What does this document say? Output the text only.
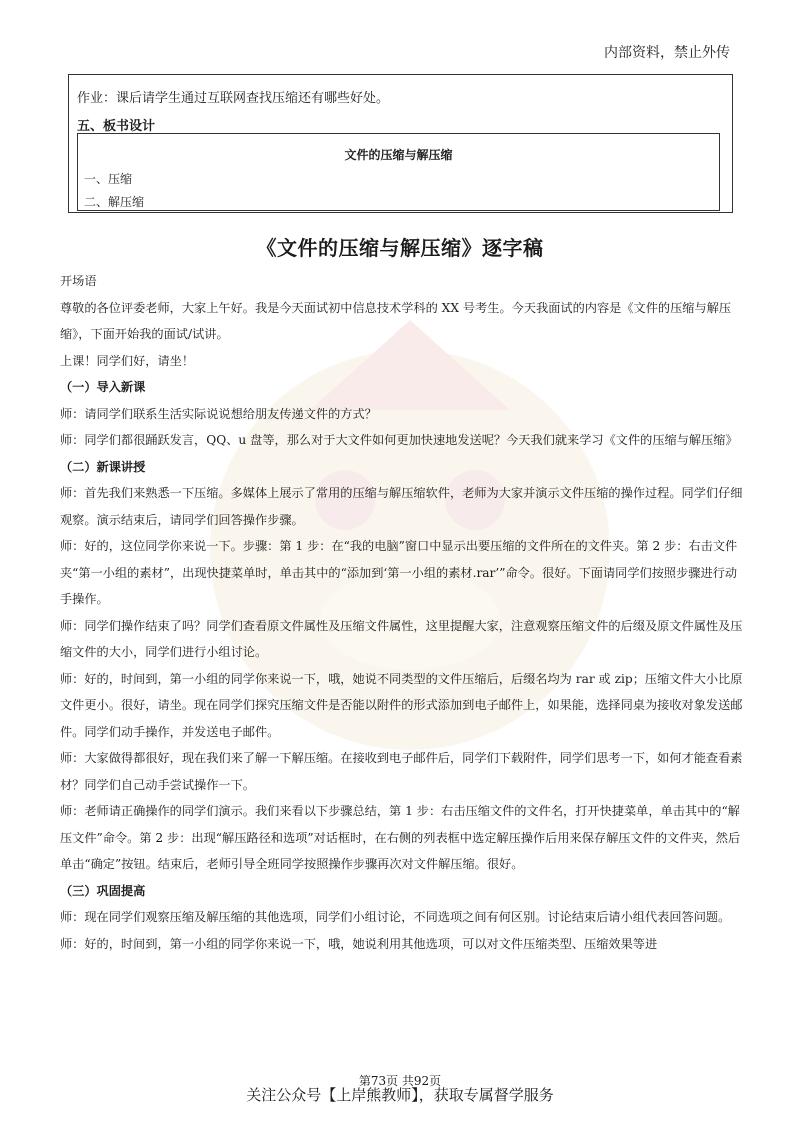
内部资料，禁止外传
作业：课后请学生通过互联网查找压缩还有哪些好处。
五、板书设计
文件的压缩与解压缩
一、压缩
二、解压缩
《文件的压缩与解压缩》逐字稿

开场语

尊敬的各位评委老师，大家上午好。我是今天面试初中信息技术学科的 XX 号考生。今天我面试的内容是《文件的压缩与解压缩》，下面开始我的面试/试讲。

上课！同学们好，请坐！

（一）导入新课

师：请同学们联系生活实际说说想给朋友传递文件的方式？

师：同学们都很踊跃发言，QQ、u 盘等，那么对于大文件如何更加快速地发送呢？今天我们就来学习《文件的压缩与解压缩》

（二）新课讲授

师：首先我们来熟悉一下压缩。多媒体上展示了常用的压缩与解压缩软件，老师为大家并演示文件压缩的操作过程。同学们仔细观察。演示结束后，请同学们回答操作步骤。

师：好的，这位同学你来说一下。步骤：第 1 步：在“我的电脑”窗口中显示出要压缩的文件所在的文件夹。第 2 步：右击文件夹“第一小组的素材”，出现快捷菜单时，单击其中的“添加到‘第一小组的素材.rar’”命令。很好。下面请同学们按照步骤进行动手操作。

师：同学们操作结束了吗？同学们查看原文件属性及压缩文件属性，这里提醒大家，注意观察压缩文件的后缀及原文件属性及压缩文件的大小，同学们进行小组讨论。

师：好的，时间到，第一小组的同学你来说一下，哦，她说不同类型的文件压缩后，后缀名均为 rar 或 zip；压缩文件大小比原文件更小。很好，请坐。现在同学们探究压缩文件是否能以附件的形式添加到电子邮件上，如果能，选择同桌为接收对象发送邮件。同学们动手操作，并发送电子邮件。

师：大家做得都很好，现在我们来了解一下解压缩。在接收到电子邮件后，同学们下载附件，同学们思考一下，如何才能查看素材？同学们自己动手尝试操作一下。

师：老师请正确操作的同学们演示。我们来看以下步骤总结，第 1 步：右击压缩文件的文件名，打开快捷菜单，单击其中的“解压文件”命令。第 2 步：出现“解压路径和选项”对话框时，在右侧的列表框中选定解压操作后用来保存解压文件的文件夹，然后单击“确定”按钮。结束后，老师引导全班同学按照操作步骤再次对文件解压缩。很好。

（三）巩固提高

师：现在同学们观察压缩及解压缩的其他选项，同学们小组讨论，不同选项之间有何区别。讨论结束后请小组代表回答问题。

师：好的，时间到，第一小组的同学你来说一下，哦，她说利用其他选项，可以对文件压缩类型、压缩效果等进

第73页 共92页
关注公众号【上岸熊教师】，获取专属督学服务
